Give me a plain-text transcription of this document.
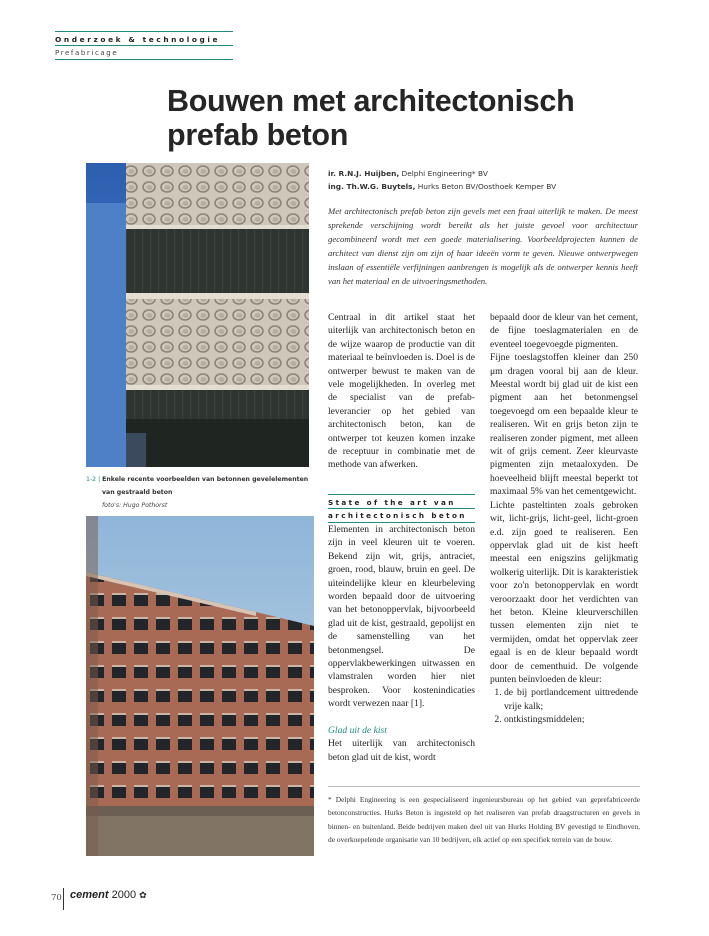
Onderzoek & technologie
Prefabricage
Bouwen met architectonisch prefab beton
1-2 | Enkele recente voorbeelden van betonnen gevelelementen
van gestraald beton
foto's: Hugo Pothorst
ir. R.N.J. Huijben, Delphi Engineering* BV
ing. Th.W.G. Buytels, Hurks Beton BV/Oosthoek Kemper BV
Met architectonisch prefab beton zijn gevels met een fraai uiterlijk te maken. De meest sprekende verschijning wordt bereikt als het juiste gevoel voor architectuur gecombineerd wordt met een goede materialisering. Voorbeeldprojecten kunnen de architect van dienst zijn om zijn of haar ideeën vorm te geven. Nieuwe ontwerpwegen inslaan of essentiële verfijningen aanbrengen is mogelijk als de ontwerper kennis heeft van het materiaal en de uitvoeringsmethoden.

Centraal in dit artikel staat het uiterlijk van architectonisch beton en de wijze waarop de productie van dit materiaal te beïnvloeden is. Doel is de ontwerper bewust te maken van de vele mogelijkheden. In overleg met de specialist van de prefab-leverancier op het gebied van architectonisch beton, kan de ontwerper tot keuzen komen inzake de receptuur in combinatie met de methode van afwerken.

State of the art van
architectonisch beton

Elementen in architectonisch beton zijn in veel kleuren uit te voeren. Bekend zijn wit, grijs, antraciet, groen, rood, blauw, bruin en geel. De uiteindelijke kleur en kleurbeleving worden bepaald door de uitvoering van het betonoppervlak, bijvoorbeeld glad uit de kist, gestraald, gepolijst en de samenstelling van het betonmengsel. De oppervlakbewerkingen uitwassen en vlamstralen worden hier niet besproken. Voor kostenindicaties wordt verwezen naar [1].

Glad uit de kist

Het uiterlijk van architectonisch beton glad uit de kist, wordt

bepaald door de kleur van het cement, de fijne toeslagmaterialen en de eventeel toegevoegde pigmenten.

Fijne toeslagstoffen kleiner dan 250 μm dragen vooral bij aan de kleur. Meestal wordt bij glad uit de kist een pigment aan het betonmengsel toegevoegd om een bepaalde kleur te realiseren. Wit en grijs beton zijn te realiseren zonder pigment, met alleen wit of grijs cement. Zeer kleurvaste pigmenten zijn metaaloxyden. De hoeveelheid blijft meestal beperkt tot maximaal 5% van het cementgewicht.

Lichte pasteltinten zoals gebroken wit, licht-grijs, licht-geel, licht-groen e.d. zijn goed te realiseren. Een oppervlak glad uit de kist heeft meestal een enigszins gelijkmatig wolkerig uiterlijk. Dit is karakteristiek voor zo'n betonoppervlak en wordt veroorzaakt door het verdichten van het beton. Kleine kleurverschillen tussen elementen zijn niet te vermijden, omdat het oppervlak zeer egaal is en de kleur bepaald wordt door de cementhuid. De volgende punten beïnvloeden de kleur:

1. de bij portlandcement uittredende vrije kalk;
2. ontkistingsmiddelen;
* Delphi Engineering is een gespecialiseerd ingenieursbureau op het gebied van geprefabriceerde betonconstructies. Hurks Beton is ingesteld op het realiseren van prefab draagstructuren en gevels in binnen- en buitenland. Beide bedrijven maken deel uit van Hurks Holding BV gevestigd te Eindhoven, de overkoepelende organisatie van 10 bedrijven, elk actief op een specifiek terrein van de bouw.
70 cement 2000 ✿
